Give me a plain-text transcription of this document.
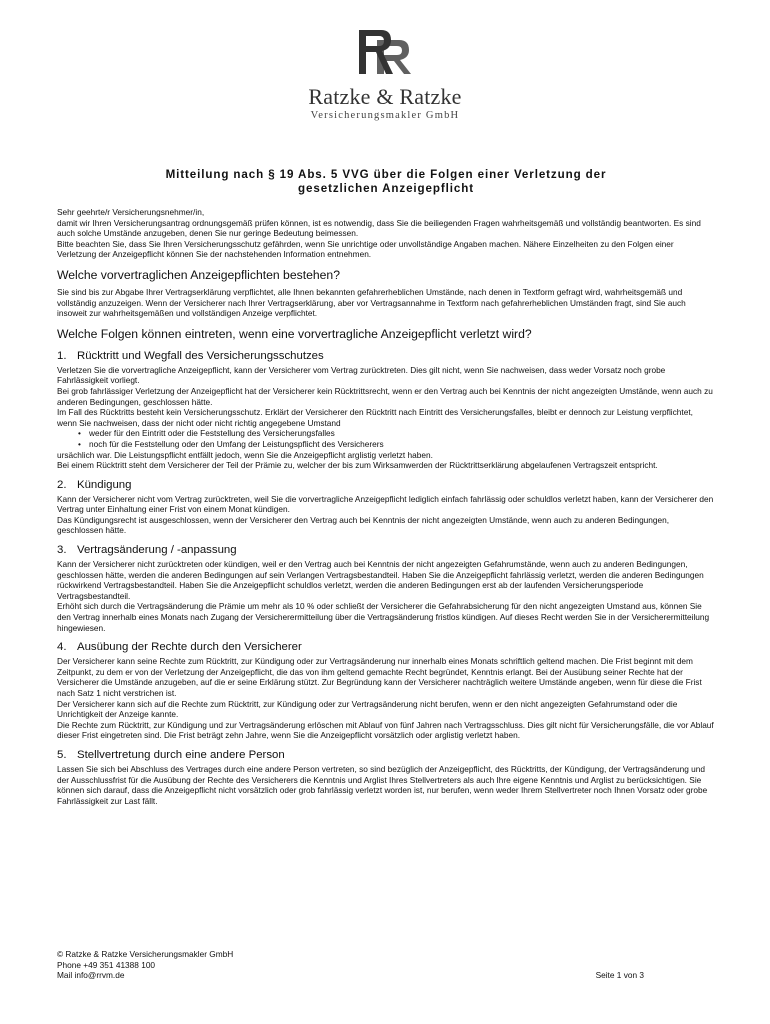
RR
Ratzke & Ratzke
Versicherungsmakler GmbH
Mitteilung nach § 19 Abs. 5 VVG über die Folgen einer Verletzung der
gesetzlichen Anzeigepflicht

Sehr geehrte/r Versicherungsnehmer/in,

damit wir Ihren Versicherungsantrag ordnungsgemäß prüfen können, ist es notwendig, dass Sie die beiliegenden Fragen wahrheitsgemäß und vollständig beantworten. Es sind auch solche Umstände anzugeben, denen Sie nur geringe Bedeutung beimessen.

Bitte beachten Sie, dass Sie Ihren Versicherungsschutz gefährden, wenn Sie unrichtige oder unvollständige Angaben machen. Nähere Einzelheiten zu den Folgen einer Verletzung der Anzeigepflicht können Sie der nachstehenden Information entnehmen.

Welche vorvertraglichen Anzeigepflichten bestehen?

Sie sind bis zur Abgabe Ihrer Vertragserklärung verpflichtet, alle Ihnen bekannten gefahrerheblichen Umstände, nach denen in Textform gefragt wird, wahrheitsgemäß und vollständig anzuzeigen. Wenn der Versicherer nach Ihrer Vertragserklärung, aber vor Vertragsannahme in Textform nach gefahrerheblichen Umständen fragt, sind Sie auch insoweit zur wahrheitsgemäßen und vollständigen Anzeige verpflichtet.

Welche Folgen können eintreten, wenn eine vorvertragliche Anzeigepflicht verletzt wird?
1. Rücktritt und Wegfall des Versicherungsschutzes

Verletzen Sie die vorvertragliche Anzeigepflicht, kann der Versicherer vom Vertrag zurücktreten. Dies gilt nicht, wenn Sie nachweisen, dass weder Vorsatz noch grobe Fahrlässigkeit vorliegt.

Bei grob fahrlässiger Verletzung der Anzeigepflicht hat der Versicherer kein Rücktrittsrecht, wenn er den Vertrag auch bei Kenntnis der nicht angezeigten Umstände, wenn auch zu anderen Bedingungen, geschlossen hätte.

Im Fall des Rücktritts besteht kein Versicherungsschutz. Erklärt der Versicherer den Rücktritt nach Eintritt des Versicherungsfalles, bleibt er dennoch zur Leistung verpflichtet, wenn Sie nachweisen, dass der nicht oder nicht richtig angegebene Umstand

• weder für den Eintritt oder die Feststellung des Versicherungsfalles
• noch für die Feststellung oder den Umfang der Leistungspflicht des Versicherers

ursächlich war. Die Leistungspflicht entfällt jedoch, wenn Sie die Anzeigepflicht arglistig verletzt haben.

Bei einem Rücktritt steht dem Versicherer der Teil der Prämie zu, welcher der bis zum Wirksamwerden der Rücktrittserklärung abgelaufenen Vertragszeit entspricht.

2. Kündigung

Kann der Versicherer nicht vom Vertrag zurücktreten, weil Sie die vorvertragliche Anzeigepflicht lediglich einfach fahrlässig oder schuldlos verletzt haben, kann der Versicherer den Vertrag unter Einhaltung einer Frist von einem Monat kündigen.

Das Kündigungsrecht ist ausgeschlossen, wenn der Versicherer den Vertrag auch bei Kenntnis der nicht angezeigten Umstände, wenn auch zu anderen Bedingungen, geschlossen hätte.

3. Vertragsänderung / -anpassung

Kann der Versicherer nicht zurücktreten oder kündigen, weil er den Vertrag auch bei Kenntnis der nicht angezeigten Gefahrumstände, wenn auch zu anderen Bedingungen, geschlossen hätte, werden die anderen Bedingungen auf sein Verlangen Vertragsbestandteil. Haben Sie die Anzeigepflicht fahrlässig verletzt, werden die anderen Bedingungen rückwirkend Vertragsbestandteil. Haben Sie die Anzeigepflicht schuldlos verletzt, werden die anderen Bedingungen erst ab der laufenden Versicherungsperiode Vertragsbestandteil.

Erhöht sich durch die Vertragsänderung die Prämie um mehr als 10 % oder schließt der Versicherer die Gefahrabsicherung für den nicht angezeigten Umstand aus, können Sie den Vertrag innerhalb eines Monats nach Zugang der Versicherermitteilung über die Vertragsänderung fristlos kündigen. Auf dieses Recht werden Sie in der Versicherermitteilung hingewiesen.

4. Ausübung der Rechte durch den Versicherer

Der Versicherer kann seine Rechte zum Rücktritt, zur Kündigung oder zur Vertragsänderung nur innerhalb eines Monats schriftlich geltend machen. Die Frist beginnt mit dem Zeitpunkt, zu dem er von der Verletzung der Anzeigepflicht, die das von ihm geltend gemachte Recht begründet, Kenntnis erlangt. Bei der Ausübung seiner Rechte hat der Versicherer die Umstände anzugeben, auf die er seine Erklärung stützt. Zur Begründung kann der Versicherer nachträglich weitere Umstände angeben, wenn für diese die Frist nach Satz 1 nicht verstrichen ist.

Der Versicherer kann sich auf die Rechte zum Rücktritt, zur Kündigung oder zur Vertragsänderung nicht berufen, wenn er den nicht angezeigten Gefahrumstand oder die Unrichtigkeit der Anzeige kannte.

Die Rechte zum Rücktritt, zur Kündigung und zur Vertragsänderung erlöschen mit Ablauf von fünf Jahren nach Vertragsschluss. Dies gilt nicht für Versicherungsfälle, die vor Ablauf dieser Frist eingetreten sind. Die Frist beträgt zehn Jahre, wenn Sie die Anzeigepflicht vorsätzlich oder arglistig verletzt haben.

5. Stellvertretung durch eine andere Person

Lassen Sie sich bei Abschluss des Vertrages durch eine andere Person vertreten, so sind bezüglich der Anzeigepflicht, des Rücktritts, der Kündigung, der Vertragsänderung und der Ausschlussfrist für die Ausübung der Rechte des Versicherers die Kenntnis und Arglist Ihres Stellvertreters als auch Ihre eigene Kenntnis und Arglist zu berücksichtigen. Sie können sich darauf, dass die Anzeigepflicht nicht vorsätzlich oder grob fahrlässig verletzt worden ist, nur berufen, wenn weder Ihrem Stellvertreter noch Ihnen Vorsatz oder grobe Fahrlässigkeit zur Last fällt.

© Ratzke & Ratzke Versicherungsmakler GmbH
Phone +49 351 41388 100
Mail info@rrvm.de	Seite 1 von 3
